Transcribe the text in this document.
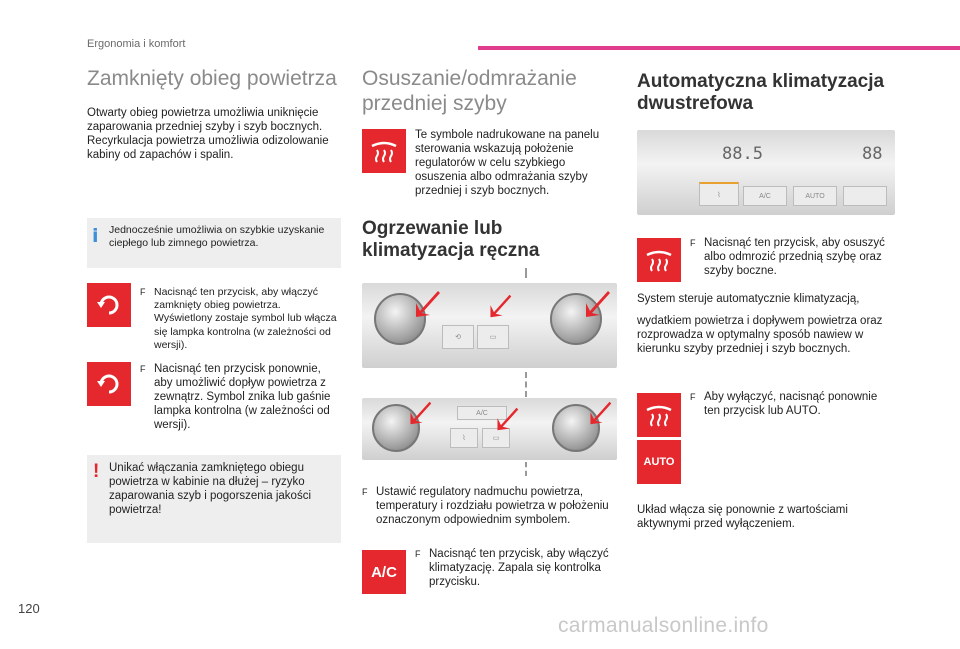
Ergonomia i komfort
Zamknięty obieg powietrza
Otwarty obieg powietrza umożliwia uniknięcie zaparowania przedniej szyby i szyb bocznych. Recyrkulacja powietrza umożliwia odizolowanie kabiny od zapachów i spalin.
i Jednocześnie umożliwia on szybkie uzyskanie ciepłego lub zimnego powietrza.
F Nacisnąć ten przycisk, aby włączyć zamknięty obieg powietrza. Wyświetlony zostaje symbol lub włącza się lampka kontrolna (w zależności od wersji).
F Nacisnąć ten przycisk ponownie, aby umożliwić dopływ powietrza z zewnątrz. Symbol znika lub gaśnie lampka kontrolna (w zależności od wersji).
! Unikać włączania zamkniętego obiegu powietrza w kabinie na dłużej – ryzyko zaparowania szyb i pogorszenia jakości powietrza!
Osuszanie/odmrażanie przedniej szyby
Te symbole nadrukowane na panelu sterowania wskazują położenie regulatorów w celu szybkiego osuszenia albo odmrażania szyby przedniej i szyb bocznych.
Ogrzewanie lub klimatyzacja ręczna
⟲	▭
A/C
⌇	▭
F Ustawić regulatory nadmuchu powietrza, temperatury i rozdziału powietrza w położeniu oznaczonym odpowiednim symbolem.
A/C
F Nacisnąć ten przycisk, aby włączyć klimatyzację. Zapala się kontrolka przycisku.
Automatyczna klimatyzacja dwustrefowa
88.5	88
⌇	A/C	AUTO
F Nacisnąć ten przycisk, aby osuszyć albo odmrozić przednią szybę oraz szyby boczne.
System steruje automatycznie klimatyzacją,
wydatkiem powietrza i dopływem powietrza oraz rozprowadza w optymalny sposób nawiew w kierunku szyby przedniej i szyb bocznych.
F Aby wyłączyć, nacisnąć ponownie ten przycisk lub AUTO.
AUTO
Układ włącza się ponownie z wartościami aktywnymi przed wyłączeniem.
120
carmanualsonline.info
